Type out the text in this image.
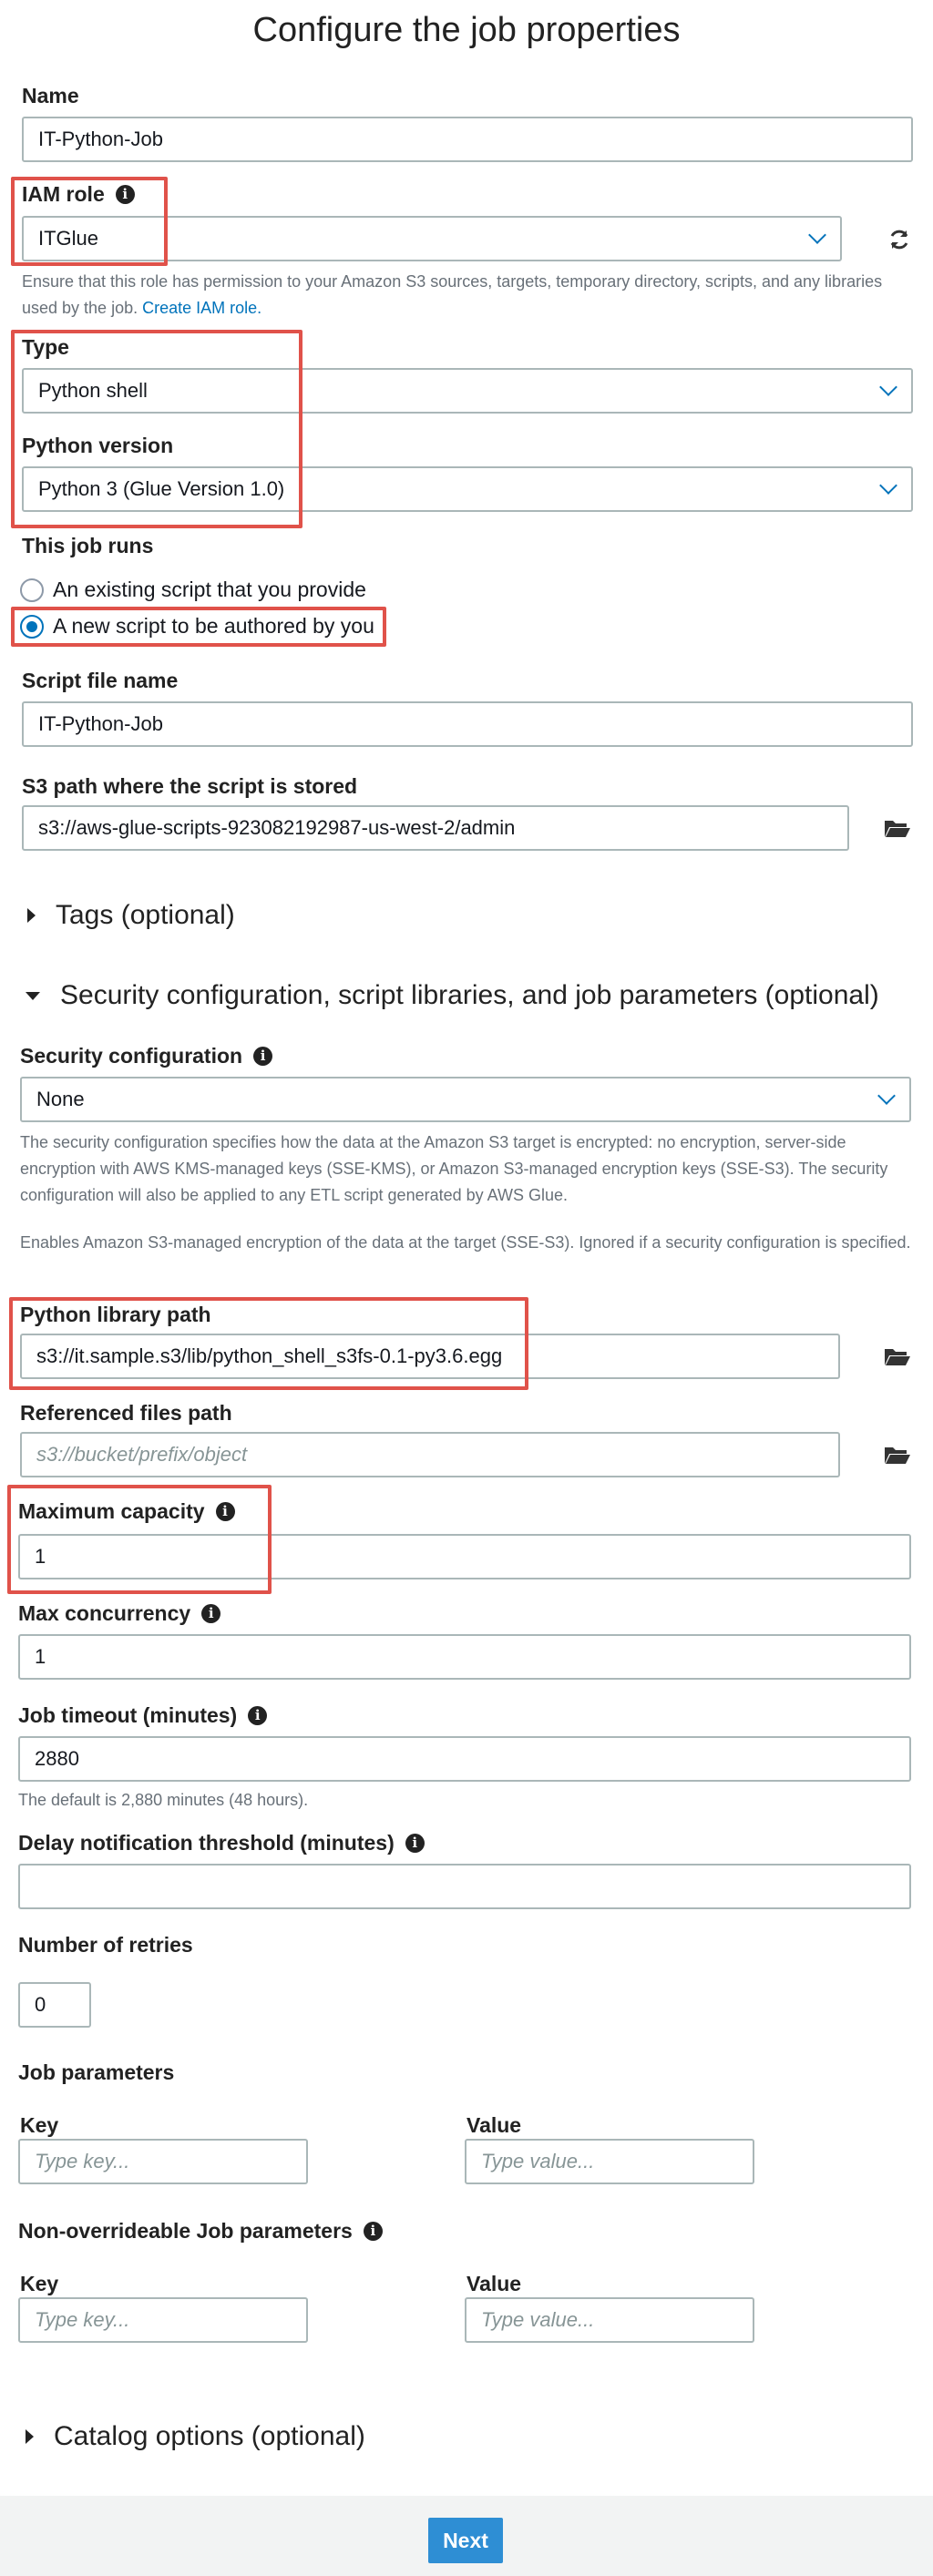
Configure the job properties
Name
IT-Python-Job
IAM role	i
ITGlue
Ensure that this role has permission to your Amazon S3 sources, targets, temporary directory, scripts, and any libraries used by the job. Create IAM role.
Type
Python shell
Python version
Python 3 (Glue Version 1.0)
This job runs
An existing script that you provide
A new script to be authored by you
Script file name
IT-Python-Job
S3 path where the script is stored
s3://aws-glue-scripts-923082192987-us-west-2/admin
Tags (optional)
Security configuration, script libraries, and job parameters (optional)
Security configuration	i
None
The security configuration specifies how the data at the Amazon S3 target is encrypted: no encryption, server-side encryption with AWS KMS-managed keys (SSE-KMS), or Amazon S3-managed encryption keys (SSE-S3). The security configuration will also be applied to any ETL script generated by AWS Glue.
Enables Amazon S3-managed encryption of the data at the target (SSE-S3). Ignored if a security configuration is specified.
Python library path
s3://it.sample.s3/lib/python_shell_s3fs-0.1-py3.6.egg
Referenced files path
s3://bucket/prefix/object
Maximum capacity	i
1
Max concurrency	i
1
Job timeout (minutes)	i
2880
The default is 2,880 minutes (48 hours).
Delay notification threshold (minutes)	i
Number of retries
0
Job parameters
Key	Value
Type key...	Type value...
Non-overrideable Job parameters	i
Key	Value
Type key...	Type value...
Catalog options (optional)
Next
